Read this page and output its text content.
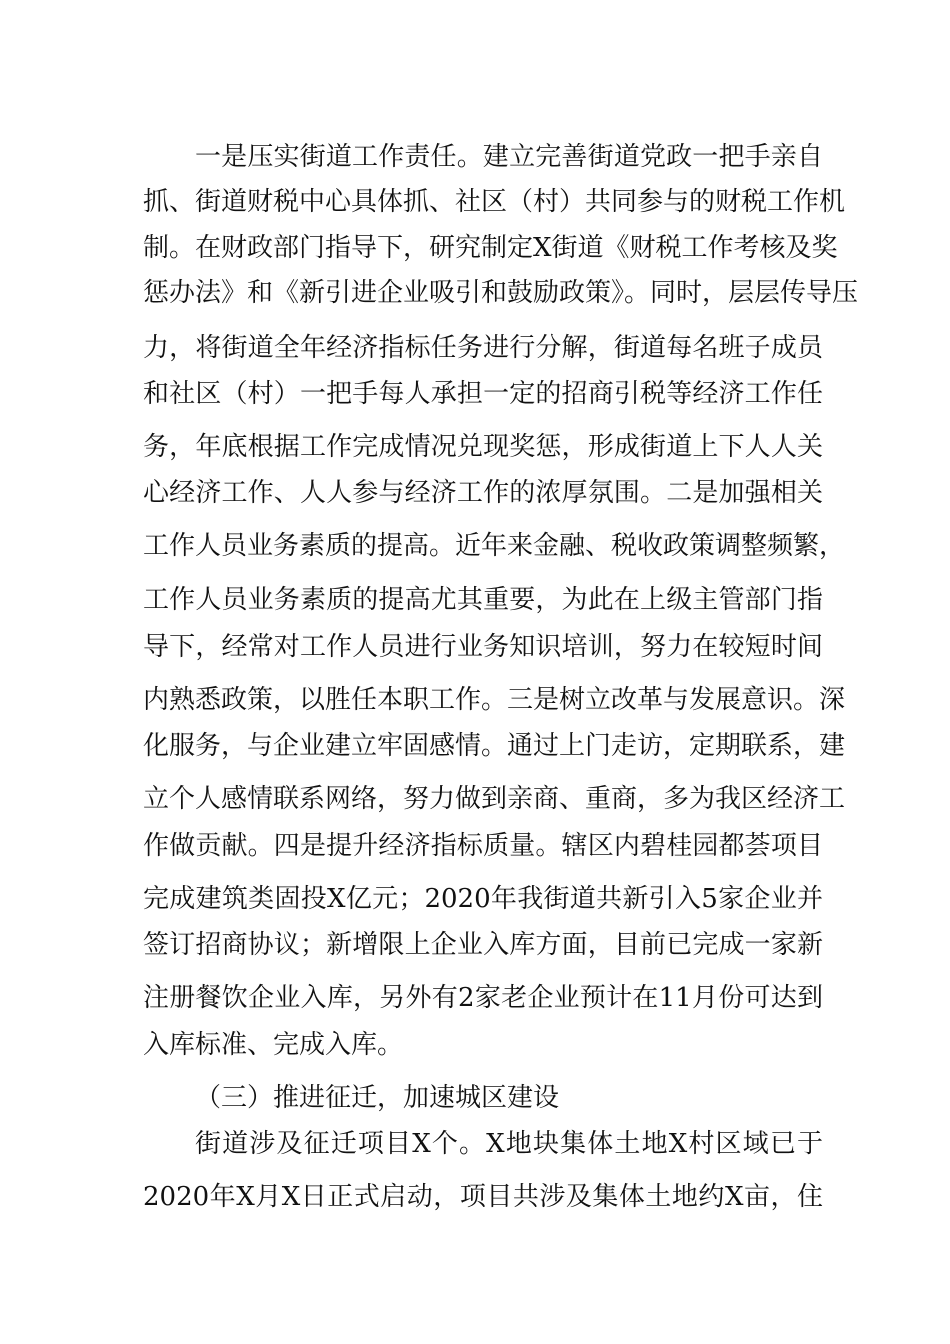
一是压实街道工作责任。建立完善街道党政一把手亲自
抓、街道财税中心具体抓、社区（村）共同参与的财税工作机
制。在财政部门指导下，研究制定X街道《财税工作考核及奖
惩办法》和《新引进企业吸引和鼓励政策》。同时，层层传导压
力，将街道全年经济指标任务进行分解，街道每名班子成员
和社区（村）一把手每人承担一定的招商引税等经济工作任
务，年底根据工作完成情况兑现奖惩，形成街道上下人人关
心经济工作、人人参与经济工作的浓厚氛围。二是加强相关
工作人员业务素质的提高。近年来金融、税收政策调整频繁，
工作人员业务素质的提高尤其重要，为此在上级主管部门指
导下，经常对工作人员进行业务知识培训，努力在较短时间
内熟悉政策，以胜任本职工作。三是树立改革与发展意识。深
化服务，与企业建立牢固感情。通过上门走访，定期联系，建
立个人感情联系网络，努力做到亲商、重商，多为我区经济工
作做贡献。四是提升经济指标质量。辖区内碧桂园都荟项目
完成建筑类固投X亿元；2020年我街道共新引入5家企业并
签订招商协议；新增限上企业入库方面，目前已完成一家新
注册餐饮企业入库，另外有2家老企业预计在11月份可达到
入库标准、完成入库。
（三）推进征迁，加速城区建设
街道涉及征迁项目X个。X地块集体土地X村区域已于
2020年X月X日正式启动，项目共涉及集体土地约X亩，住
